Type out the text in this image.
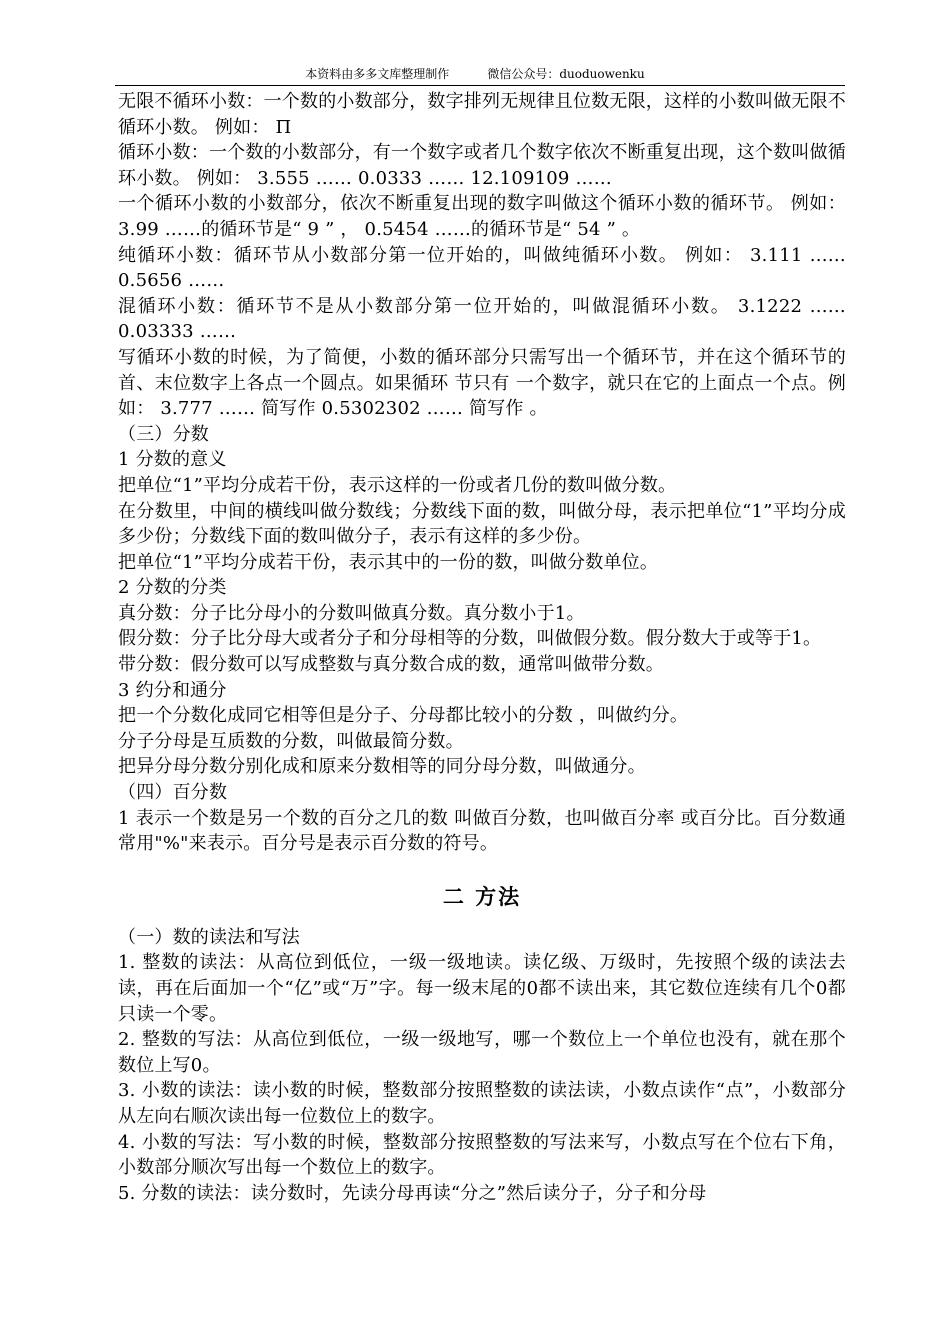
本资料由多多文库整理制作	微信公众号：duoduowenku

无限不循环小数：一个数的小数部分，数字排列无规律且位数无限，这样的小数叫做无限不循环小数。 例如： Π

循环小数：一个数的小数部分，有一个数字或者几个数字依次不断重复出现，这个数叫做循环小数。 例如： 3.555 …… 0.0333 …… 12.109109 ……

一个循环小数的小数部分，依次不断重复出现的数字叫做这个循环小数的循环节。 例如： 3.99 ……的循环节是“ 9 ” ， 0.5454 ……的循环节是“ 54 ” 。

纯循环小数：循环节从小数部分第一位开始的，叫做纯循环小数。 例如： 3.111 …… 0.5656 ……

混循环小数：循环节不是从小数部分第一位开始的，叫做混循环小数。 3.1222 …… 0.03333 ……

写循环小数的时候，为了简便，小数的循环部分只需写出一个循环节，并在这个循环节的首、末位数字上各点一个圆点。如果循环 节只有 一个数字，就只在它的上面点一个点。例如： 3.777 …… 简写作 0.5302302 …… 简写作 。

（三）分数

1 分数的意义

把单位“1”平均分成若干份，表示这样的一份或者几份的数叫做分数。

在分数里，中间的横线叫做分数线；分数线下面的数，叫做分母，表示把单位“1”平均分成多少份；分数线下面的数叫做分子，表示有这样的多少份。

把单位“1”平均分成若干份，表示其中的一份的数，叫做分数单位。

2 分数的分类

真分数：分子比分母小的分数叫做真分数。真分数小于1。

假分数：分子比分母大或者分子和分母相等的分数，叫做假分数。假分数大于或等于1。

带分数：假分数可以写成整数与真分数合成的数，通常叫做带分数。

3 约分和通分

把一个分数化成同它相等但是分子、分母都比较小的分数 ，叫做约分。

分子分母是互质数的分数，叫做最简分数。

把异分母分数分别化成和原来分数相等的同分母分数，叫做通分。

（四）百分数

1 表示一个数是另一个数的百分之几的数 叫做百分数，也叫做百分率 或百分比。百分数通常用"%"来表示。百分号是表示百分数的符号。

二 方法

（一）数的读法和写法

1. 整数的读法：从高位到低位，一级一级地读。读亿级、万级时，先按照个级的读法去读，再在后面加一个“亿”或“万”字。每一级末尾的0都不读出来，其它数位连续有几个0都只读一个零。

2. 整数的写法：从高位到低位，一级一级地写，哪一个数位上一个单位也没有，就在那个数位上写0。

3. 小数的读法：读小数的时候，整数部分按照整数的读法读，小数点读作“点”，小数部分从左向右顺次读出每一位数位上的数字。

4. 小数的写法：写小数的时候，整数部分按照整数的写法来写，小数点写在个位右下角，小数部分顺次写出每一个数位上的数字。

5. 分数的读法：读分数时，先读分母再读“分之”然后读分子，分子和分母
